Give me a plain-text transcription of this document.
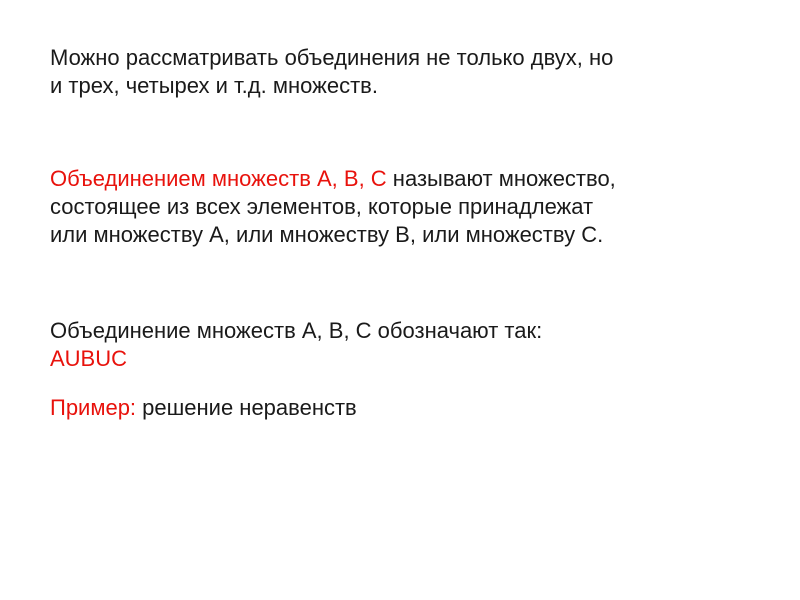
Можно рассматривать объединения не только двух, но
и трех, четырех и т.д. множеств.

Объединением множеств А, В, С называют множество,
состоящее из всех элементов, которые принадлежат
или множеству А, или множеству В, или множеству С.

Объединение множеств А, В, С обозначают так:
AUBUC

Пример: решение неравенств
